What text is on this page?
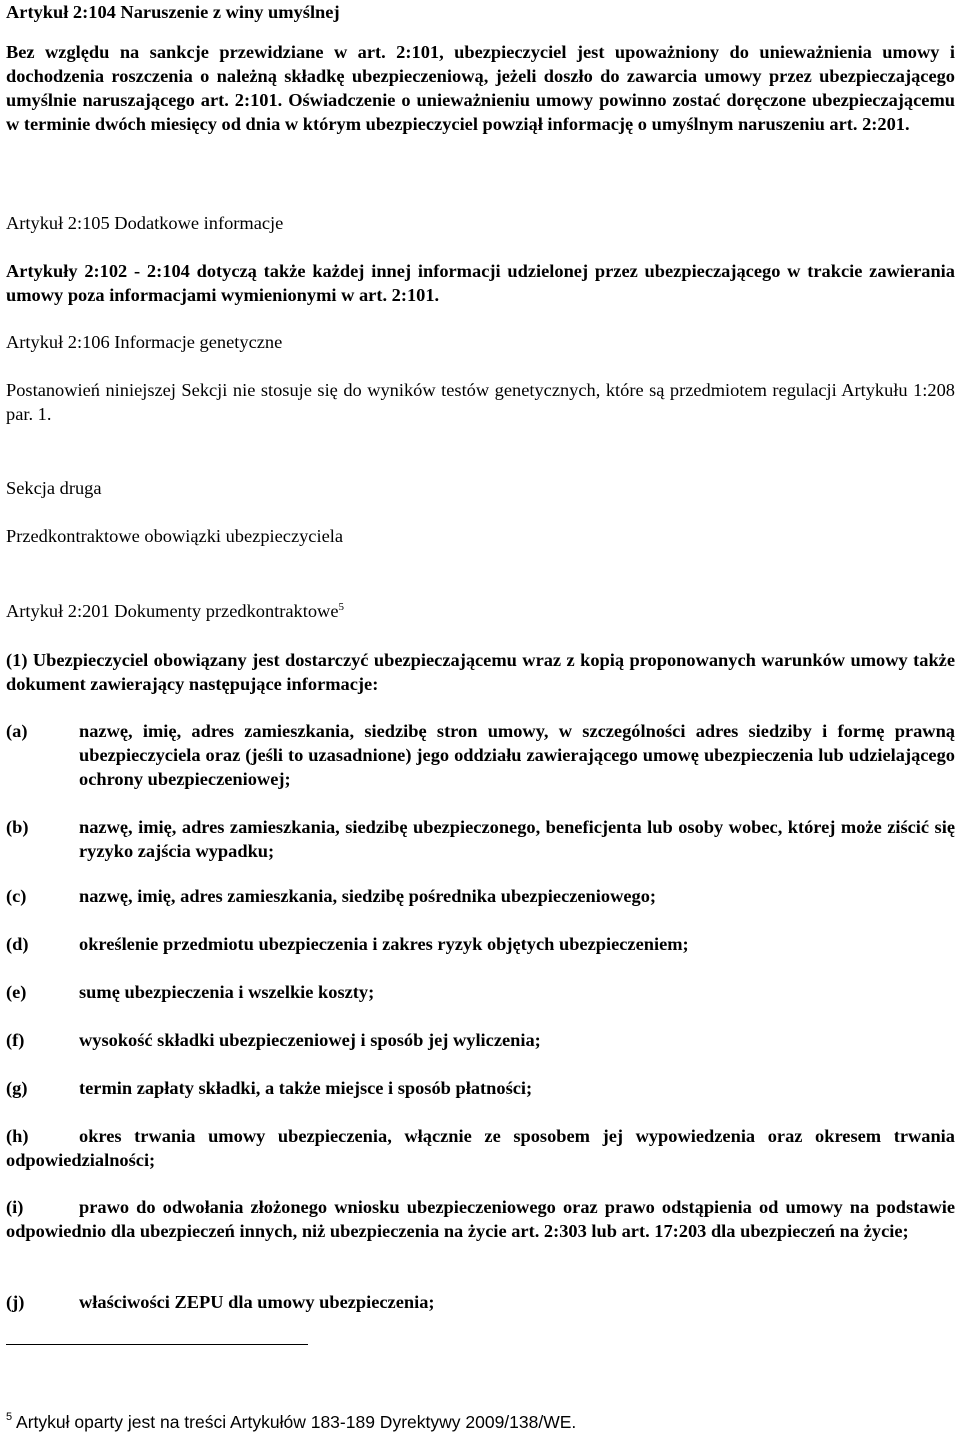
Artykuł 2:104 Naruszenie z winy umyślnej

Bez względu na sankcje przewidziane w art. 2:101, ubezpieczyciel jest upoważniony do unieważnienia umowy i dochodzenia roszczenia o należną składkę ubezpieczeniową, jeżeli doszło do zawarcia umowy przez ubezpieczającego umyślnie naruszającego art. 2:101. Oświadczenie o unieważnieniu umowy powinno zostać doręczone ubezpieczającemu w terminie dwóch miesięcy od dnia w którym ubezpieczyciel powziął informację o umyślnym naruszeniu art. 2:201.

Artykuł 2:105 Dodatkowe informacje

Artykuły 2:102 - 2:104 dotyczą także każdej innej informacji udzielonej przez ubezpieczającego w trakcie zawierania umowy poza informacjami wymienionymi w art. 2:101.

Artykuł 2:106 Informacje genetyczne

Postanowień niniejszej Sekcji nie stosuje się do wyników testów genetycznych, które są przedmiotem regulacji Artykułu 1:208 par. 1.

Sekcja druga

Przedkontraktowe obowiązki ubezpieczyciela

Artykuł 2:201 Dokumenty przedkontraktowe$^5$

(1) Ubezpieczyciel obowiązany jest dostarczyć ubezpieczającemu wraz z kopią proponowanych warunków umowy także dokument zawierający następujące informacje:

(a)	nazwę, imię, adres zamieszkania, siedzibę stron umowy, w szczególności adres siedziby i formę prawną ubezpieczyciela oraz (jeśli to uzasadnione) jego oddziału zawierającego umowę ubezpieczenia lub udzielającego ochrony ubezpieczeniowej;
(b)	nazwę, imię, adres zamieszkania, siedzibę ubezpieczonego, beneficjenta lub osoby wobec, której może ziścić się ryzyko zajścia wypadku;
(c)	nazwę, imię, adres zamieszkania, siedzibę pośrednika ubezpieczeniowego;
(d)	określenie przedmiotu ubezpieczenia i zakres ryzyk objętych ubezpieczeniem;
(e)	sumę ubezpieczenia i wszelkie koszty;
(f)	wysokość składki ubezpieczeniowej i sposób jej wyliczenia;
(g)	termin zapłaty składki, a także miejsce i sposób płatności;

(h)	okres trwania umowy ubezpieczenia, włącznie ze sposobem jej wypowiedzenia oraz okresem trwania odpowiedzialności;

(i)	prawo do odwołania złożonego wniosku ubezpieczeniowego oraz prawo odstąpienia od umowy na podstawie odpowiednio dla ubezpieczeń innych, niż ubezpieczenia na życie art. 2:303 lub art. 17:203 dla ubezpieczeń na życie;

(j)	właściwości ZEPU dla umowy ubezpieczenia;

$^5$ Artykuł oparty jest na treści Artykułów 183-189 Dyrektywy 2009/138/WE.
